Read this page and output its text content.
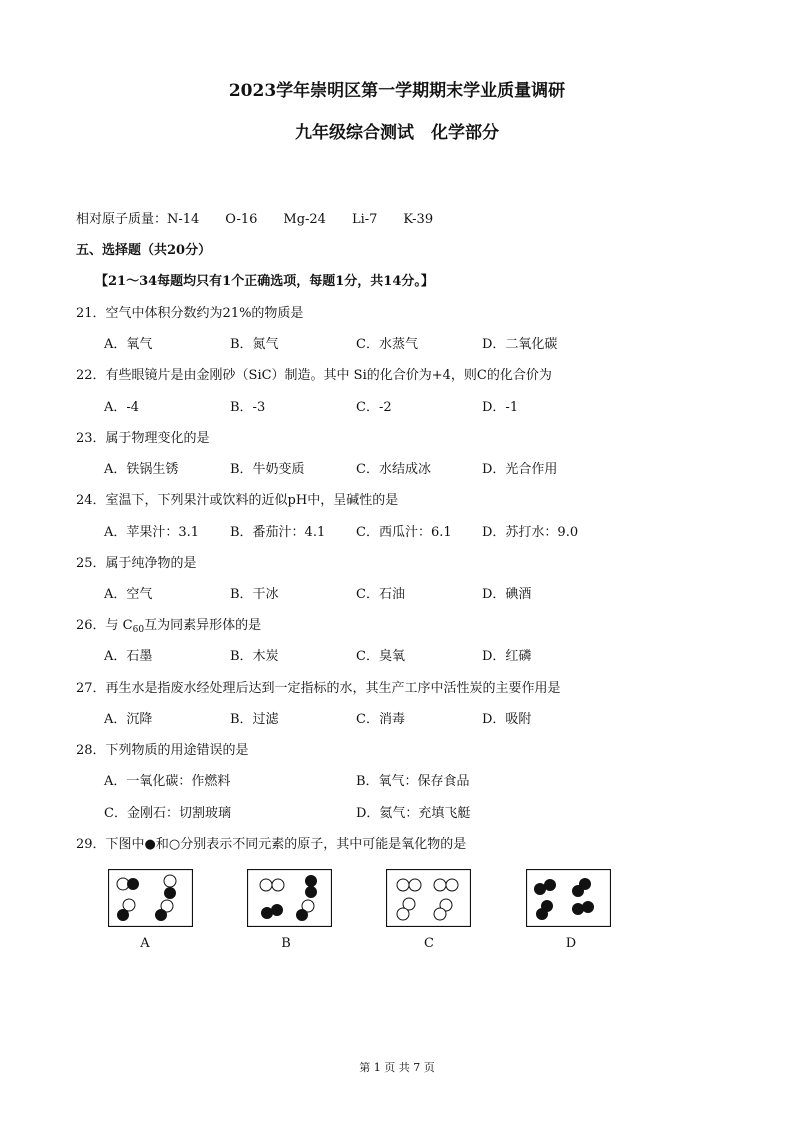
2023学年崇明区第一学期期末学业质量调研
九年级综合测试　化学部分
相对原子质量：N-14　　O-16　　Mg-24　　Li-7　　K-39
五、选择题（共20分）
【21～34每题均只有1个正确选项，每题1分，共14分。】
21．空气中体积分数约为21%的物质是
A．氧气	B．氮气	C．水蒸气	D．二氧化碳
22．有些眼镜片是由金刚砂（SiC）制造。其中 Si的化合价为+4，则C的化合价为
A．-4	B．-3	C．-2	D．-1
23．属于物理变化的是
A．铁锅生锈	B．牛奶变质	C．水结成冰	D．光合作用
24．室温下，下列果汁或饮料的近似pH中，呈碱性的是
A．苹果汁：3.1 B．番茄汁：4.1 C．西瓜汁：6.1 D．苏打水：9.0
25．属于纯净物的是
A．空气	B．干冰	C．石油	D．碘酒
26．与 $C_{60}$互为同素异形体的是
A．石墨	B．木炭	C．臭氧	D．红磷
27．再生水是指废水经处理后达到一定指标的水，其生产工序中活性炭的主要作用是
A．沉降	B．过滤	C．消毒	D．吸附
28．下列物质的用途错误的是
A．一氧化碳：作燃料	B．氧气：保存食品
C．金刚石：切割玻璃	D．氦气：充填飞艇
29．下图中●和○分别表示不同元素的原子，其中可能是氧化物的是
A	B	C	D
第 1 页 共 7 页
